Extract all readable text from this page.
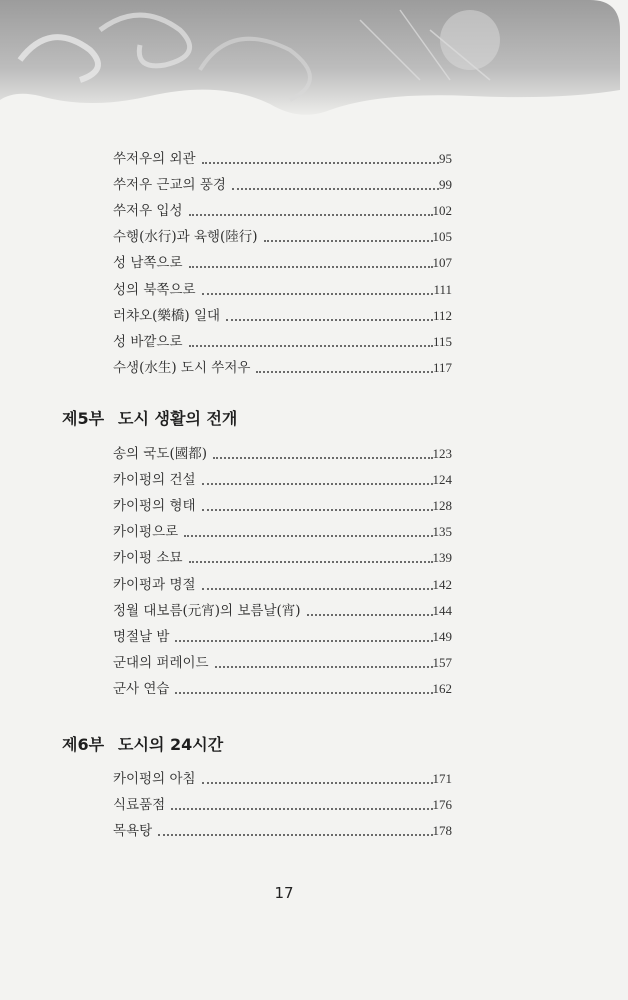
쑤저우의 외관	95
쑤저우 근교의 풍경	99
쑤저우 입성	102
수행(水行)과 육행(陸行)	105
성 남쪽으로	107
성의 북쪽으로	111
러챠오(樂橋) 일대	112
성 바깥으로	115
수생(水生) 도시 쑤저우	117
제5부 도시 생활의 전개
송의 국도(國都)	123
카이펑의 건설	124
카이펑의 형태	128
카이펑으로	135
카이펑 소묘	139
카이펑과 명절	142
정월 대보름(元宵)의 보름날(宵)	144
명절날 밤	149
군대의 퍼레이드	157
군사 연습	162
제6부 도시의 24시간
카이펑의 아침	171
식료품점	176
목욕탕	178
17
